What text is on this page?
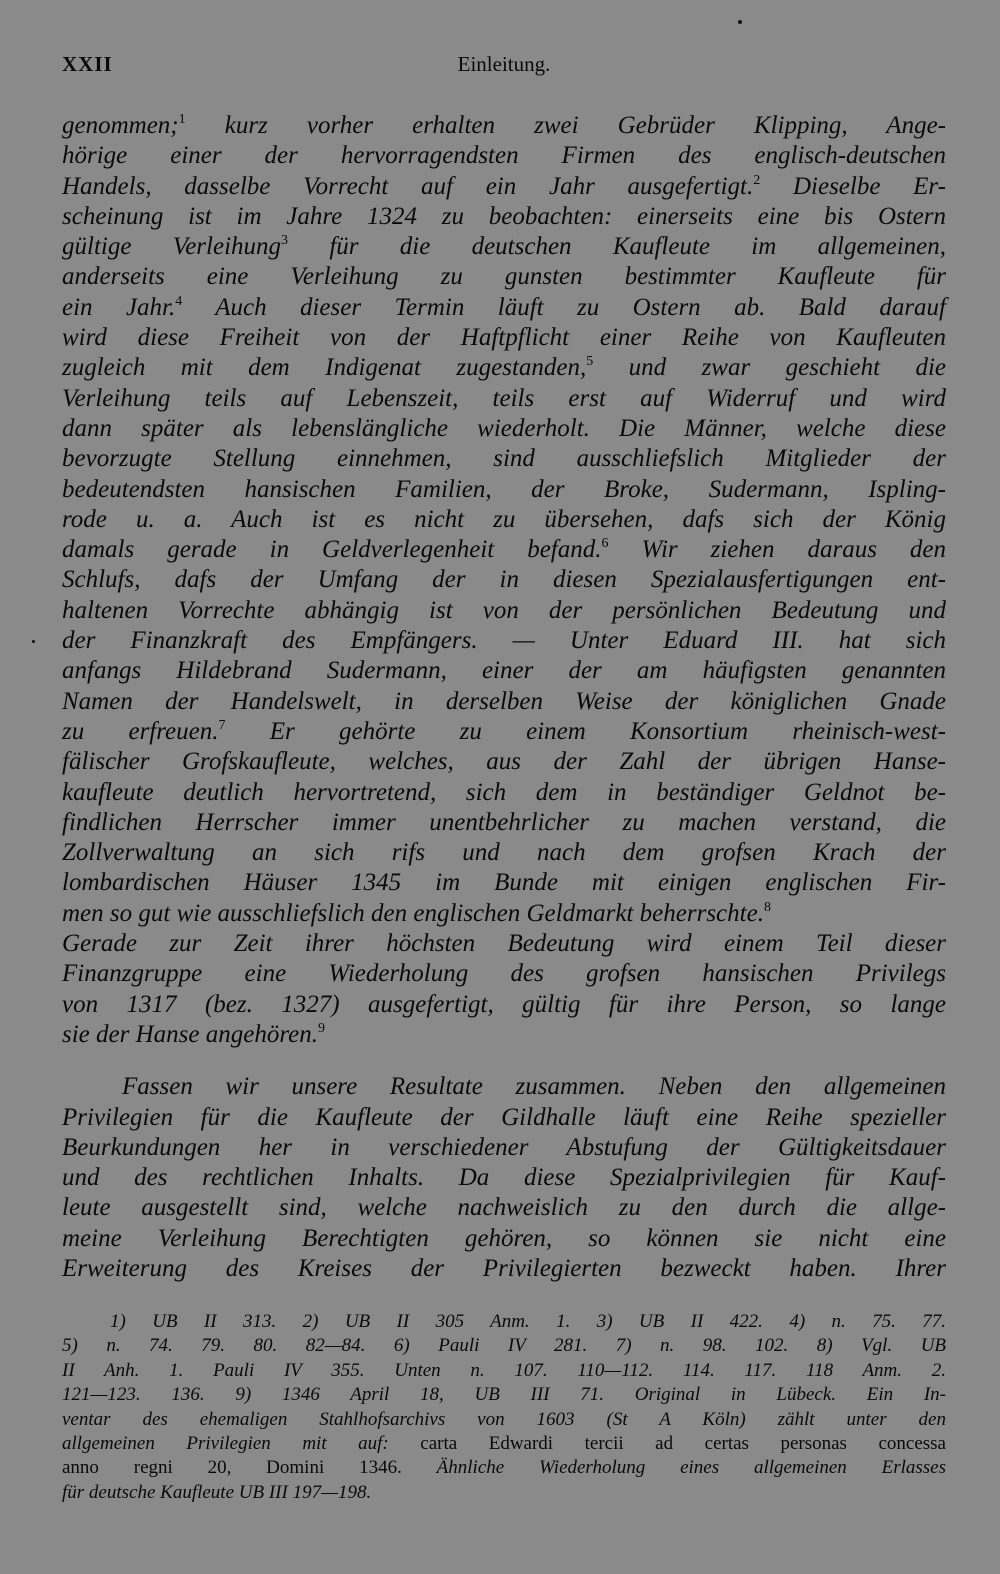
XXII	Einleitung.
genommen;$^1$ kurz vorher erhalten zwei Gebrüder Klipping, Ange-
hörige einer der hervorragendsten Firmen des englisch-deutschen
Handels, dasselbe Vorrecht auf ein Jahr ausgefertigt.$^2$ Dieselbe Er-
scheinung ist im Jahre 1324 zu beobachten: einerseits eine bis Ostern
gültige Verleihung$^3$ für die deutschen Kaufleute im allgemeinen,
anderseits eine Verleihung zu gunsten bestimmter Kaufleute für
ein Jahr.$^4$ Auch dieser Termin läuft zu Ostern ab. Bald darauf
wird diese Freiheit von der Haftpflicht einer Reihe von Kaufleuten
zugleich mit dem Indigenat zugestanden,$^5$ und zwar geschieht die
Verleihung teils auf Lebenszeit, teils erst auf Widerruf und wird
dann später als lebenslängliche wiederholt. Die Männer, welche diese
bevorzugte Stellung einnehmen, sind ausschliefslich Mitglieder der
bedeutendsten hansischen Familien, der Broke, Sudermann, Ispling-
rode u. a. Auch ist es nicht zu übersehen, dafs sich der König
damals gerade in Geldverlegenheit befand.$^6$ Wir ziehen daraus den
Schlufs, dafs der Umfang der in diesen Spezialausfertigungen ent-
haltenen Vorrechte abhängig ist von der persönlichen Bedeutung und
der Finanzkraft des Empfängers. — Unter Eduard III. hat sich
anfangs Hildebrand Sudermann, einer der am häufigsten genannten
Namen der Handelswelt, in derselben Weise der königlichen Gnade
zu erfreuen.$^7$ Er gehörte zu einem Konsortium rheinisch-west-
fälischer Grofskaufleute, welches, aus der Zahl der übrigen Hanse-
kaufleute deutlich hervortretend, sich dem in beständiger Geldnot be-
findlichen Herrscher immer unentbehrlicher zu machen verstand, die
Zollverwaltung an sich rifs und nach dem grofsen Krach der
lombardischen Häuser 1345 im Bunde mit einigen englischen Fir-
men so gut wie ausschliefslich den englischen Geldmarkt beherrschte.$^8$
Gerade zur Zeit ihrer höchsten Bedeutung wird einem Teil dieser
Finanzgruppe eine Wiederholung des grofsen hansischen Privilegs
von 1317 (bez. 1327) ausgefertigt, gültig für ihre Person, so lange
sie der Hanse angehören.$^9$
Fassen wir unsere Resultate zusammen. Neben den allgemeinen
Privilegien für die Kaufleute der Gildhalle läuft eine Reihe spezieller
Beurkundungen her in verschiedener Abstufung der Gültigkeitsdauer
und des rechtlichen Inhalts. Da diese Spezialprivilegien für Kauf-
leute ausgestellt sind, welche nachweislich zu den durch die allge-
meine Verleihung Berechtigten gehören, so können sie nicht eine
Erweiterung des Kreises der Privilegierten bezweckt haben. Ihrer
1) UB II 313. 2) UB II 305 Anm. 1. 3) UB II 422. 4) n. 75. 77.
5) n. 74. 79. 80. 82—84. 6) Pauli IV 281. 7) n. 98. 102. 8) Vgl. UB
II Anh. 1. Pauli IV 355. Unten n. 107. 110—112. 114. 117. 118 Anm. 2.
121—123. 136. 9) 1346 April 18, UB III 71. Original in Lübeck. Ein In-
ventar des ehemaligen Stahlhofsarchivs von 1603 (St A Köln) zählt unter den
allgemeinen Privilegien mit auf: carta Edwardi tercii ad certas personas concessa
anno regni 20, Domini 1346. Ähnliche Wiederholung eines allgemeinen Erlasses
für deutsche Kaufleute UB III 197—198.
